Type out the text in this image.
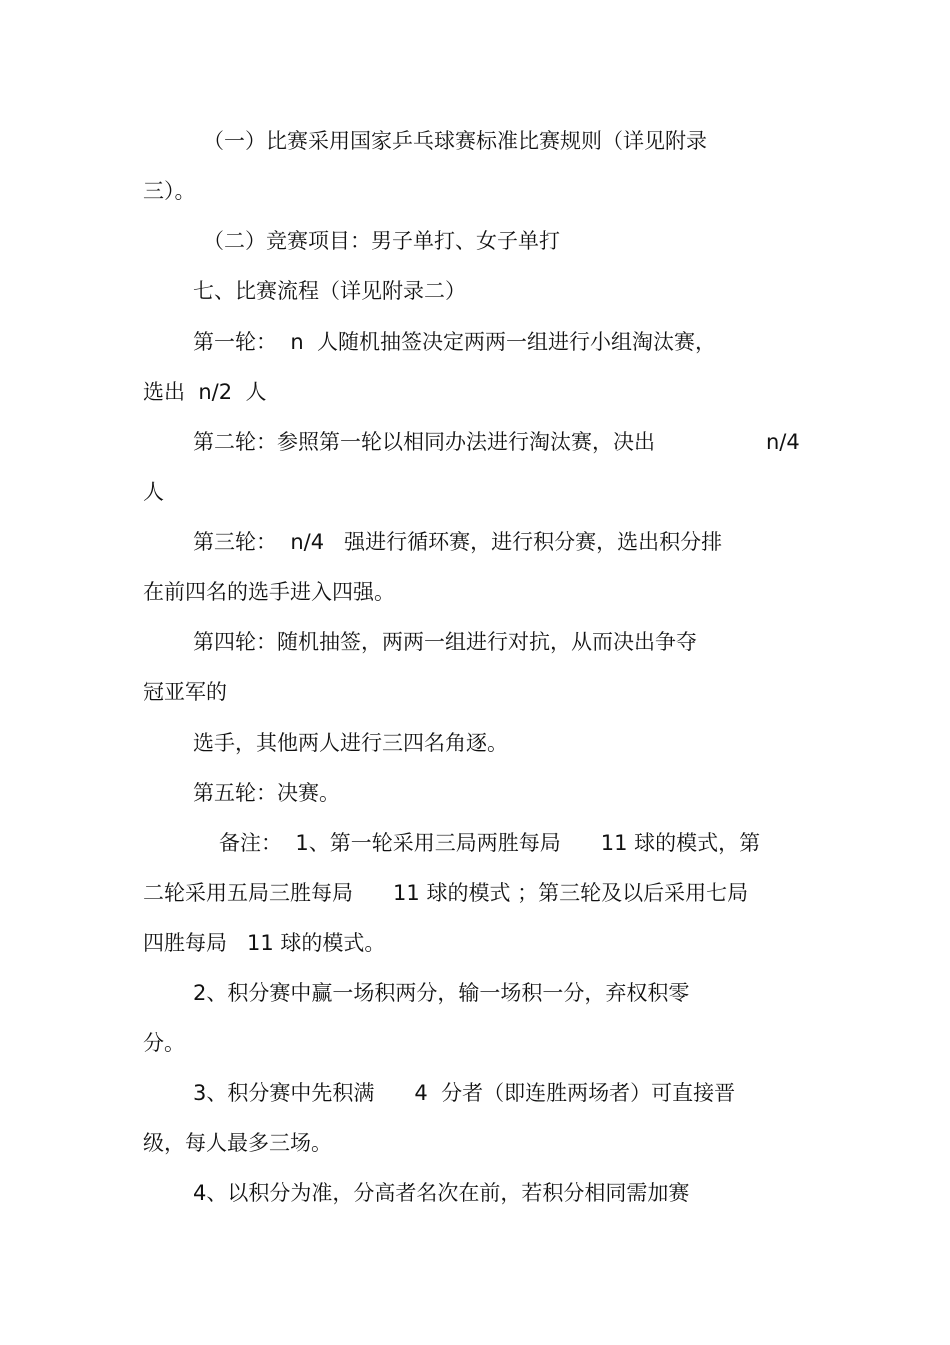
（一）比赛采用国家乒乓球赛标准比赛规则（详见附录

三）。

（二）竞赛项目：男子单打、女子单打

七、比赛流程（详见附录二）

第一轮：  n  人随机抽签决定两两一组进行小组淘汰赛，

选出  n/2  人

第二轮：参照第一轮以相同办法进行淘汰赛，决出	n/4

人

第三轮：  n/4   强进行循环赛，进行积分赛，选出积分排

在前四名的选手进入四强。

第四轮：随机抽签，两两一组进行对抗，从而决出争夺

冠亚军的

选手，其他两人进行三四名角逐。

第五轮：决赛。

备注：  1、第一轮采用三局两胜每局      11 球的模式，第

二轮采用五局三胜每局      11 球的模式 ；第三轮及以后采用七局

四胜每局   11 球的模式。

2、积分赛中赢一场积两分，输一场积一分，弃权积零

分。

3、积分赛中先积满      4  分者（即连胜两场者）可直接晋

级，每人最多三场。

4、以积分为准，分高者名次在前，若积分相同需加赛
